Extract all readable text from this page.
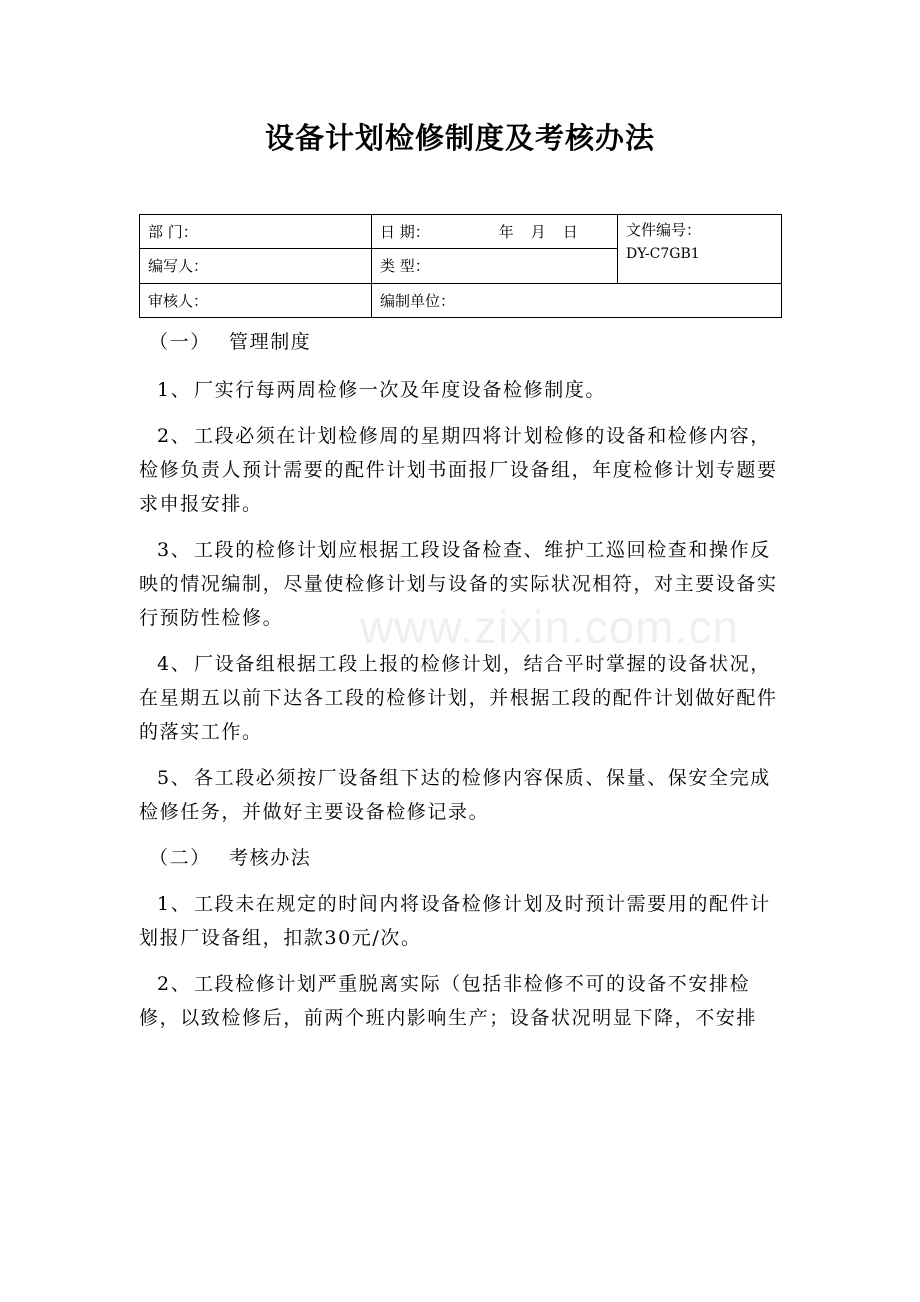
设备计划检修制度及考核办法
www.zixin.com.cn
部 门：	日 期： 年 月 日	文件编号：
DY-C7GB1

编写人：	类 型：	
审核人：	编制单位：	

（一） 管理制度

1、 厂实行每两周检修一次及年度设备检修制度。

2、 工段必须在计划检修周的星期四将计划检修的设备和检修内容，检修负责人预计需要的配件计划书面报厂设备组，年度检修计划专题要求申报安排。

3、 工段的检修计划应根据工段设备检查、维护工巡回检查和操作反映的情况编制，尽量使检修计划与设备的实际状况相符，对主要设备实行预防性检修。

4、 厂设备组根据工段上报的检修计划，结合平时掌握的设备状况，在星期五以前下达各工段的检修计划，并根据工段的配件计划做好配件的落实工作。

5、 各工段必须按厂设备组下达的检修内容保质、保量、保安全完成检修任务，并做好主要设备检修记录。

（二） 考核办法

1、 工段未在规定的时间内将设备检修计划及时预计需要用的配件计划报厂设备组，扣款30元/次。

2、 工段检修计划严重脱离实际（包括非检修不可的设备不安排检修，以致检修后，前两个班内影响生产；设备状况明显下降，不安排
